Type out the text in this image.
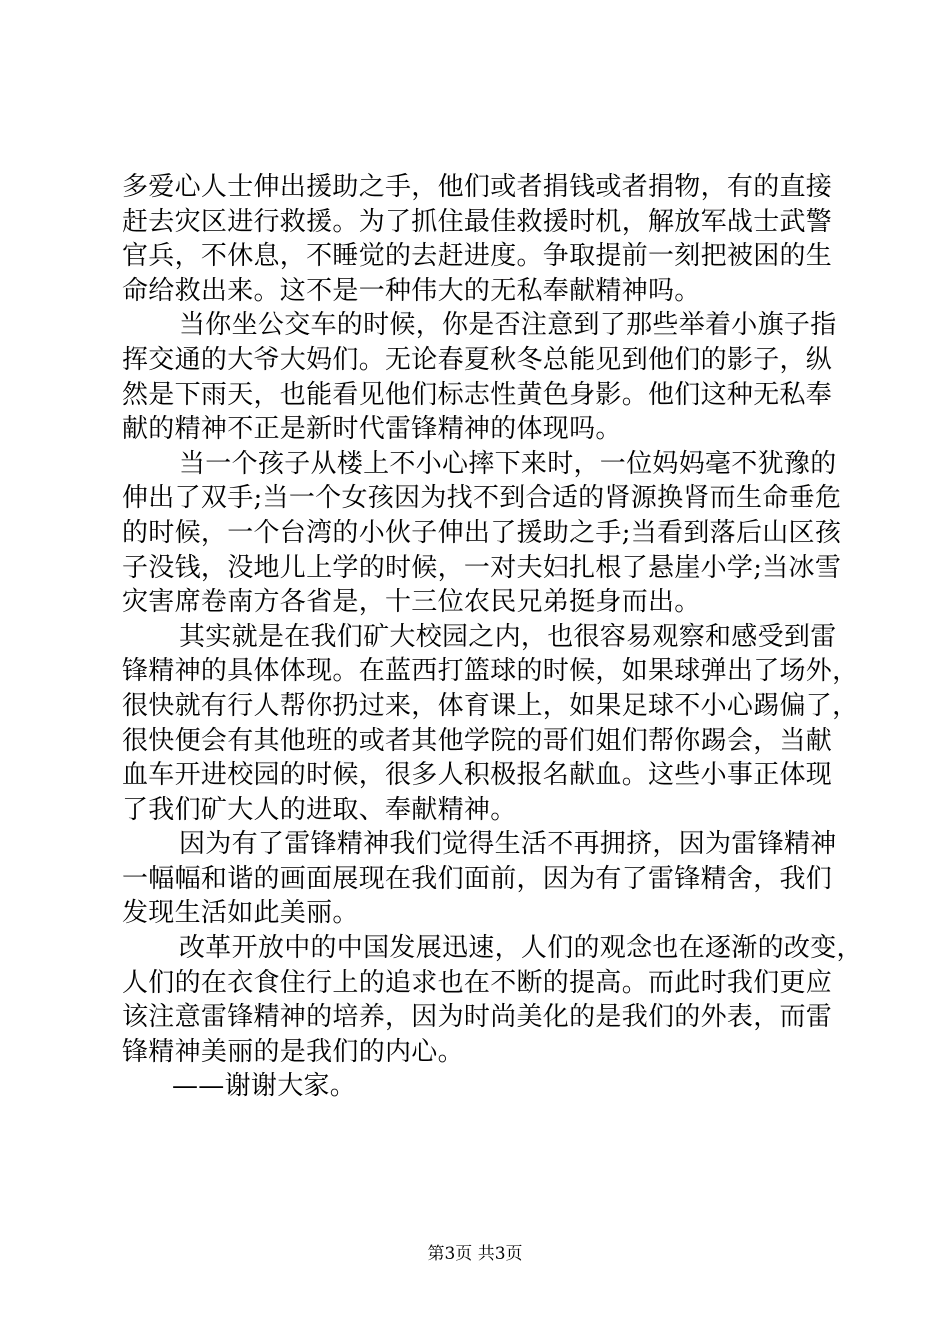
多爱心人士伸出援助之手，他们或者捐钱或者捐物，有的直接
赶去灾区进行救援。为了抓住最佳救援时机，解放军战士武警
官兵，不休息，不睡觉的去赶进度。争取提前一刻把被困的生
命给救出来。这不是一种伟大的无私奉献精神吗。
当你坐公交车的时候，你是否注意到了那些举着小旗子指
挥交通的大爷大妈们。无论春夏秋冬总能见到他们的影子，纵
然是下雨天，也能看见他们标志性黄色身影。他们这种无私奉
献的精神不正是新时代雷锋精神的体现吗。
当一个孩子从楼上不小心摔下来时，一位妈妈毫不犹豫的
伸出了双手;当一个女孩因为找不到合适的肾源换肾而生命垂危
的时候，一个台湾的小伙子伸出了援助之手;当看到落后山区孩
子没钱，没地儿上学的时候，一对夫妇扎根了悬崖小学;当冰雪
灾害席卷南方各省是，十三位农民兄弟挺身而出。
其实就是在我们矿大校园之内，也很容易观察和感受到雷
锋精神的具体体现。在蓝西打篮球的时候，如果球弹出了场外，
很快就有行人帮你扔过来，体育课上，如果足球不小心踢偏了，
很快便会有其他班的或者其他学院的哥们姐们帮你踢会，当献
血车开进校园的时候，很多人积极报名献血。这些小事正体现
了我们矿大人的进取、奉献精神。
因为有了雷锋精神我们觉得生活不再拥挤，因为雷锋精神
一幅幅和谐的画面展现在我们面前，因为有了雷锋精舍，我们
发现生活如此美丽。
改革开放中的中国发展迅速，人们的观念也在逐渐的改变，
人们的在衣食住行上的追求也在不断的提高。而此时我们更应
该注意雷锋精神的培养，因为时尚美化的是我们的外表，而雷
锋精神美丽的是我们的内心。
——谢谢大家。
第3页 共3页
